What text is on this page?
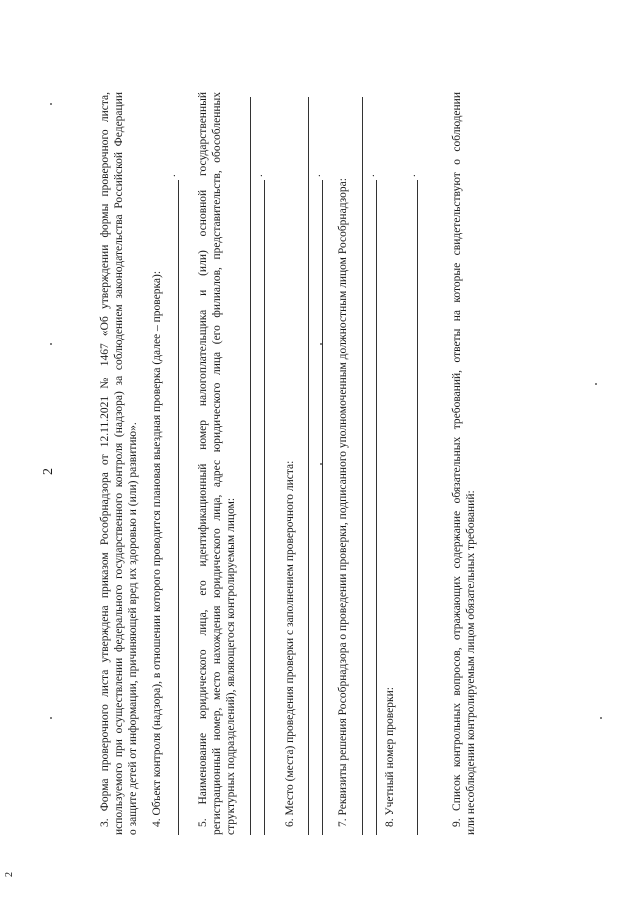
2	3. Форма проверочного листа утверждена приказом Рособрнадзора от 12.11.2021 № 1467 «Об утверждении формы проверочного листа, используемого при осуществлении федерального государственного контроля (надзора) за соблюдением законодательства Российской Федерации о защите детей от информации, причиняющей вред их здоровью и (или) развитию». 4. Объект контроля (надзора), в отношении которого проводится плановая выездная проверка (далее – проверка):
. 5. Наименование юридического лица, его идентификационный номер налогоплательщика и (или) основной государственный регистрационный номер, место нахождения юридического лица, адрес юридического лица (его филиалов, представительств, обособленных структурных подразделений), являющегося контролируемым лицом:
.
6. Место (места) проведения проверки с заполнением проверочного листа:
.
7. Реквизиты решения Рособрнадзора о проведении проверки, подписанного уполномоченным должностным лицом Рособрнадзора:
.
8. Учетный номер проверки:
.	9. Список контрольных вопросов, отражающих содержание обязательных требований, ответы на которые свидетельствуют о соблюдении или несоблюдении контролируемым лицом обязательных требований:
2
